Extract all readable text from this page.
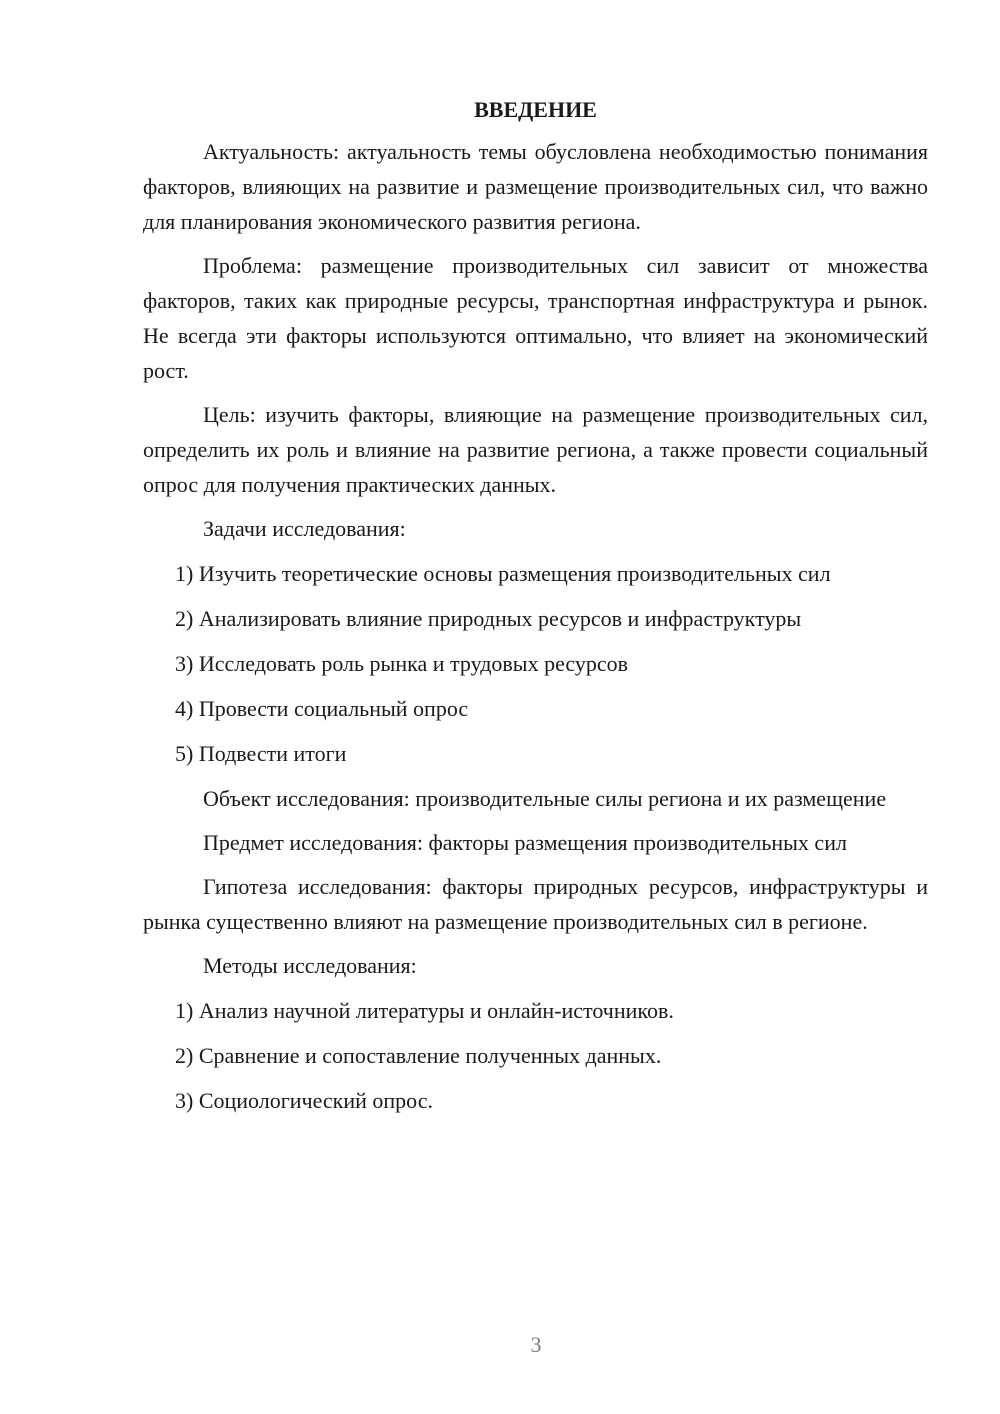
ВВЕДЕНИЕ

Актуальность: актуальность темы обусловлена необходимостью понимания факторов, влияющих на развитие и размещение производительных сил, что важно для планирования экономического развития региона.

Проблема: размещение производительных сил зависит от множества факторов, таких как природные ресурсы, транспортная инфраструктура и рынок. Не всегда эти факторы используются оптимально, что влияет на экономический рост.

Цель: изучить факторы, влияющие на размещение производительных сил, определить их роль и влияние на развитие региона, а также провести социальный опрос для получения практических данных.

Задачи исследования:

1) Изучить теоретические основы размещения производительных сил
2) Анализировать влияние природных ресурсов и инфраструктуры
3) Исследовать роль рынка и трудовых ресурсов
4) Провести социальный опрос
5) Подвести итоги

Объект исследования: производительные силы региона и их размещение

Предмет исследования: факторы размещения производительных сил

Гипотеза исследования: факторы природных ресурсов, инфраструктуры и рынка существенно влияют на размещение производительных сил в регионе.

Методы исследования:

1) Анализ научной литературы и онлайн-источников.
2) Сравнение и сопоставление полученных данных.
3) Социологический опрос.
3
